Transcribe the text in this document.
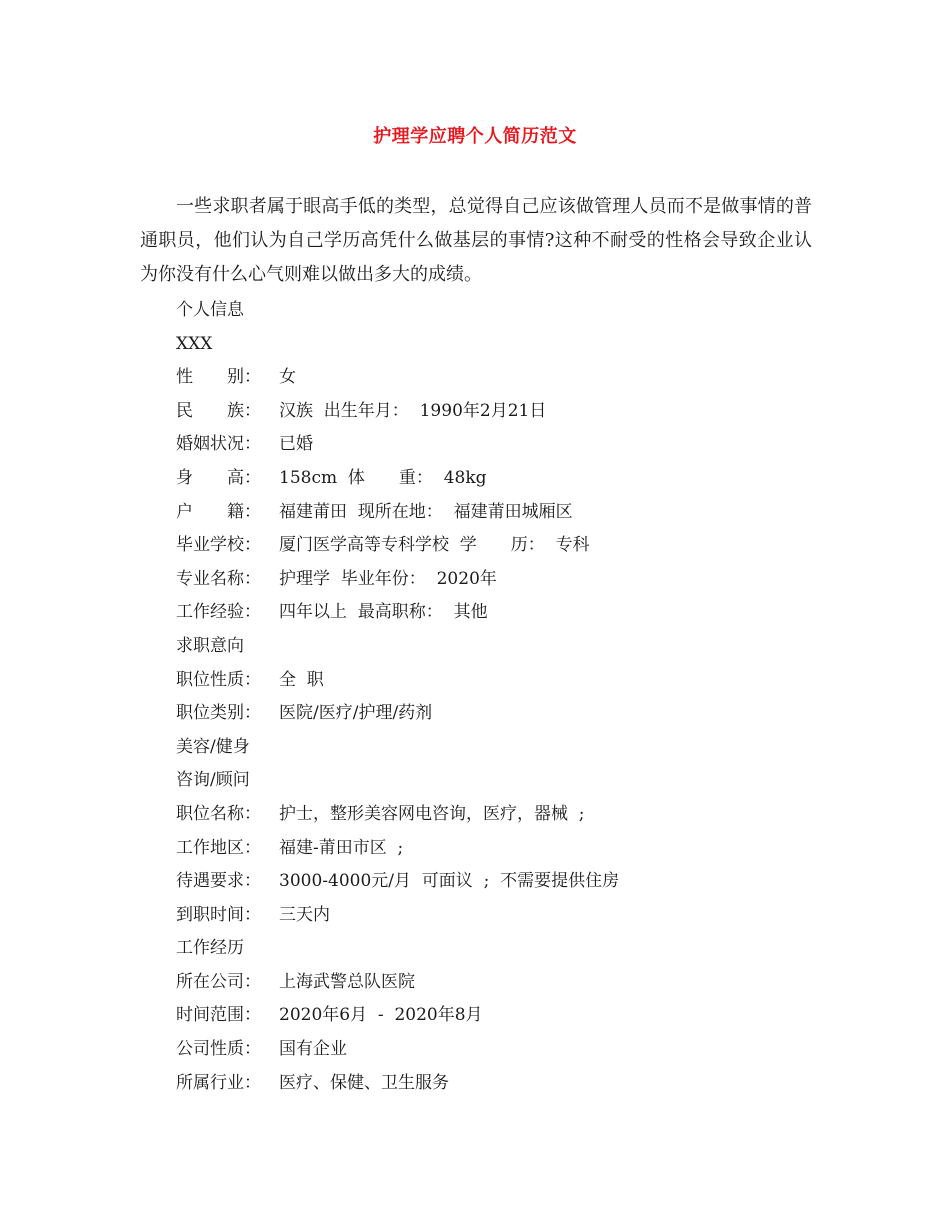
护理学应聘个人简历范文

一些求职者属于眼高手低的类型，总觉得自己应该做管理人员而不是做事情的普通职员，他们认为自己学历高凭什么做基层的事情?这种不耐受的性格会导致企业认为你没有什么心气则难以做出多大的成绩。

个人信息
XXX
性　　别： 女
民　　族： 汉族  出生年月：  1990年2月21日
婚姻状况： 已婚
身　　高： 158cm  体　　重：  48kg
户　　籍： 福建莆田  现所在地：  福建莆田城厢区
毕业学校： 厦门医学高等专科学校  学　　历：  专科
专业名称： 护理学  毕业年份：  2020年
工作经验： 四年以上  最高职称：  其他
求职意向
职位性质： 全  职
职位类别： 医院/医疗/护理/药剂
美容/健身
咨询/顾问
职位名称： 护士，整形美容网电咨询，医疗，器械  ;
工作地区： 福建-莆田市区  ;
待遇要求： 3000-4000元/月  可面议  ;  不需要提供住房
到职时间： 三天内
工作经历
所在公司： 上海武警总队医院
时间范围： 2020年6月  -  2020年8月
公司性质： 国有企业
所属行业： 医疗、保健、卫生服务
